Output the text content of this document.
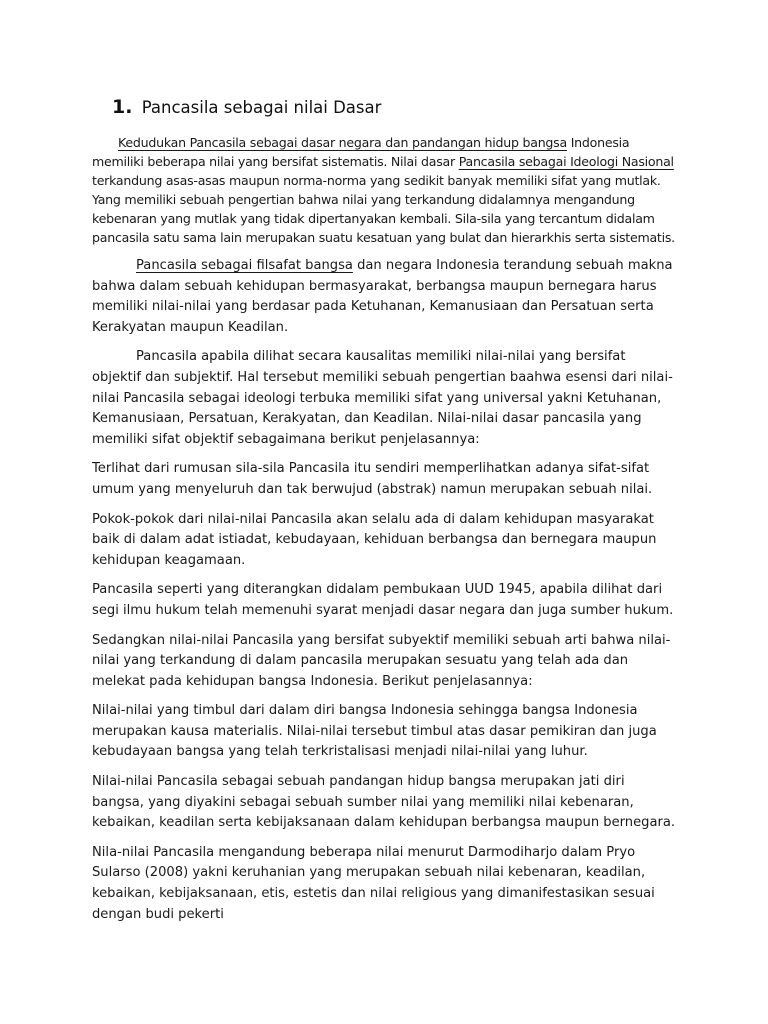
1. Pancasila sebagai nilai Dasar

Kedudukan Pancasila sebagai dasar negara dan pandangan hidup bangsa Indonesia memiliki beberapa nilai yang bersifat sistematis. Nilai dasar Pancasila sebagai Ideologi Nasional terkandung asas-asas maupun norma-norma yang sedikit banyak memiliki sifat yang mutlak. Yang memiliki sebuah pengertian bahwa nilai yang terkandung didalamnya mengandung kebenaran yang mutlak yang tidak dipertanyakan kembali. Sila-sila yang tercantum didalam pancasila satu sama lain merupakan suatu kesatuan yang bulat dan hierarkhis serta sistematis.

Pancasila sebagai filsafat bangsa dan negara Indonesia terandung sebuah makna bahwa dalam sebuah kehidupan bermasyarakat, berbangsa maupun bernegara harus memiliki nilai-nilai yang berdasar pada Ketuhanan, Kemanusiaan dan Persatuan serta Kerakyatan maupun Keadilan.

Pancasila apabila dilihat secara kausalitas memiliki nilai-nilai yang bersifat objektif dan subjektif. Hal tersebut memiliki sebuah pengertian baahwa esensi dari nilai-nilai Pancasila sebagai ideologi terbuka memiliki sifat yang universal yakni Ketuhanan, Kemanusiaan, Persatuan, Kerakyatan, dan Keadilan. Nilai-nilai dasar pancasila yang memiliki sifat objektif sebagaimana berikut penjelasannya:

Terlihat dari rumusan sila-sila Pancasila itu sendiri memperlihatkan adanya sifat-sifat umum yang menyeluruh dan tak berwujud (abstrak) namun merupakan sebuah nilai.

Pokok-pokok dari nilai-nilai Pancasila akan selalu ada di dalam kehidupan masyarakat baik di dalam adat istiadat, kebudayaan, kehiduan berbangsa dan bernegara maupun kehidupan keagamaan.

Pancasila seperti yang diterangkan didalam pembukaan UUD 1945, apabila dilihat dari segi ilmu hukum telah memenuhi syarat menjadi dasar negara dan juga sumber hukum.

Sedangkan nilai-nilai Pancasila yang bersifat subyektif memiliki sebuah arti bahwa nilai-nilai yang terkandung di dalam pancasila merupakan sesuatu yang telah ada dan melekat pada kehidupan bangsa Indonesia. Berikut penjelasannya:

Nilai-nilai yang timbul dari dalam diri bangsa Indonesia sehingga bangsa Indonesia merupakan kausa materialis. Nilai-nilai tersebut timbul atas dasar pemikiran dan juga kebudayaan bangsa yang telah terkristalisasi menjadi nilai-nilai yang luhur.

Nilai-nilai Pancasila sebagai sebuah pandangan hidup bangsa merupakan jati diri bangsa, yang diyakini sebagai sebuah sumber nilai yang memiliki nilai kebenaran, kebaikan, keadilan serta kebijaksanaan dalam kehidupan berbangsa maupun bernegara.

Nila-nilai Pancasila mengandung beberapa nilai menurut Darmodiharjo dalam Pryo Sularso (2008) yakni keruhanian yang merupakan sebuah nilai kebenaran, keadilan, kebaikan, kebijaksanaan, etis, estetis dan nilai religious yang dimanifestasikan sesuai dengan budi pekerti
